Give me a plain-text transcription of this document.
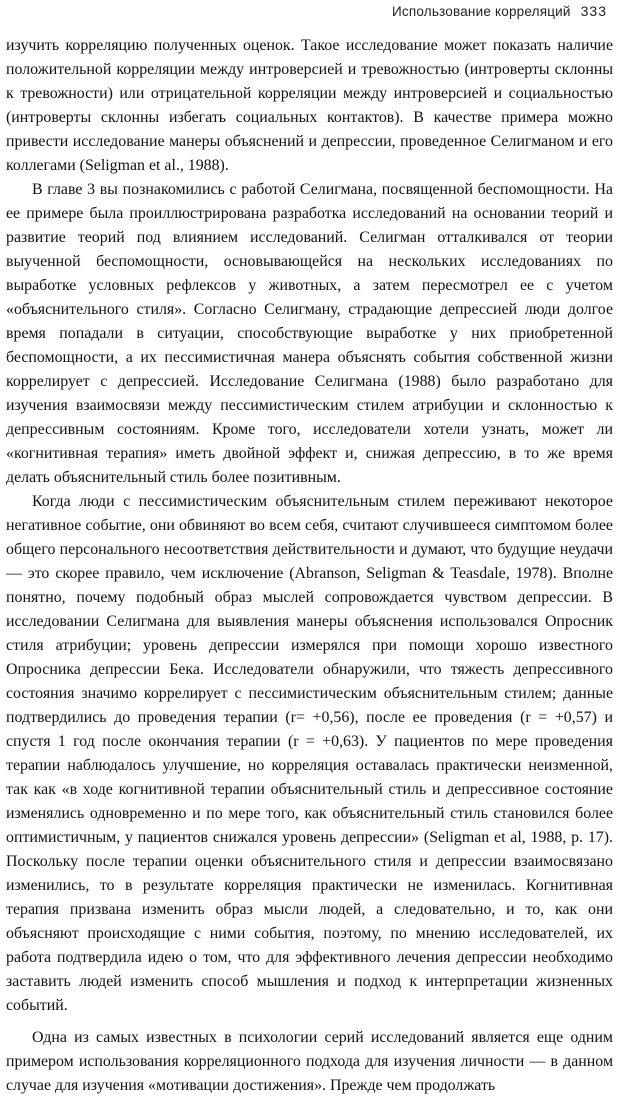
Использование корреляций 333

изучить корреляцию полученных оценок. Такое исследование может показать наличие положительной корреляции между интроверсией и тревожностью (интроверты склонны к тревожности) или отрицательной корреляции между интроверсией и социальностью (интроверты склонны избегать социальных контактов). В качестве примера можно привести исследование манеры объяснений и депрессии, проведенное Селигманом и его коллегами (Seligman et al., 1988).

В главе 3 вы познакомились с работой Селигмана, посвященной беспомощности. На ее примере была проиллюстрирована разработка исследований на основании теорий и развитие теорий под влиянием исследований. Селигман отталкивался от теории выученной беспомощности, основывающейся на нескольких исследованиях по выработке условных рефлексов у животных, а затем пересмотрел ее с учетом «объяснительного стиля». Согласно Селигману, страдающие депрессией люди долгое время попадали в ситуации, способствующие выработке у них приобретенной беспомощности, а их пессимистичная манера объяснять события собственной жизни коррелирует с депрессией. Исследование Селигмана (1988) было разработано для изучения взаимосвязи между пессимистическим стилем атрибуции и склонностью к депрессивным состояниям. Кроме того, исследователи хотели узнать, может ли «когнитивная терапия» иметь двойной эффект и, снижая депрессию, в то же время делать объяснительный стиль более позитивным.

Когда люди с пессимистическим объяснительным стилем переживают некоторое негативное событие, они обвиняют во всем себя, считают случившееся симптомом более общего персонального несоответствия действительности и думают, что будущие неудачи — это скорее правило, чем исключение (Abranson, Seligman & Teasdale, 1978). Вполне понятно, почему подобный образ мыслей сопровождается чувством депрессии. В исследовании Селигмана для выявления манеры объяснения использовался Опросник стиля атрибуции; уровень депрессии измерялся при помощи хорошо известного Опросника депрессии Бека. Исследователи обнаружили, что тяжесть депрессивного состояния значимо коррелирует с пессимистическим объяснительным стилем; данные подтвердились до проведения терапии (r= +0,56), после ее проведения (r = +0,57) и спустя 1 год после окончания терапии (r = +0,63). У пациентов по мере проведения терапии наблюдалось улучшение, но корреляция оставалась практически неизменной, так как «в ходе когнитивной терапии объяснительный стиль и депрессивное состояние изменялись одновременно и по мере того, как объяснительный стиль становился более оптимистичным, у пациентов снижался уровень депрессии» (Seligman et al, 1988, p. 17). Поскольку после терапии оценки объяснительного стиля и депрессии взаимосвязано изменились, то в результате корреляция практически не изменилась. Когнитивная терапия призвана изменить образ мысли людей, а следовательно, и то, как они объясняют происходящие с ними события, поэтому, по мнению исследователей, их работа подтвердила идею о том, что для эффективного лечения депрессии необходимо заставить людей изменить способ мышления и подход к интерпретации жизненных событий.

Одна из самых известных в психологии серий исследований является еще одним примером использования корреляционного подхода для изучения личности — в данном случае для изучения «мотивации достижения». Прежде чем продолжать
